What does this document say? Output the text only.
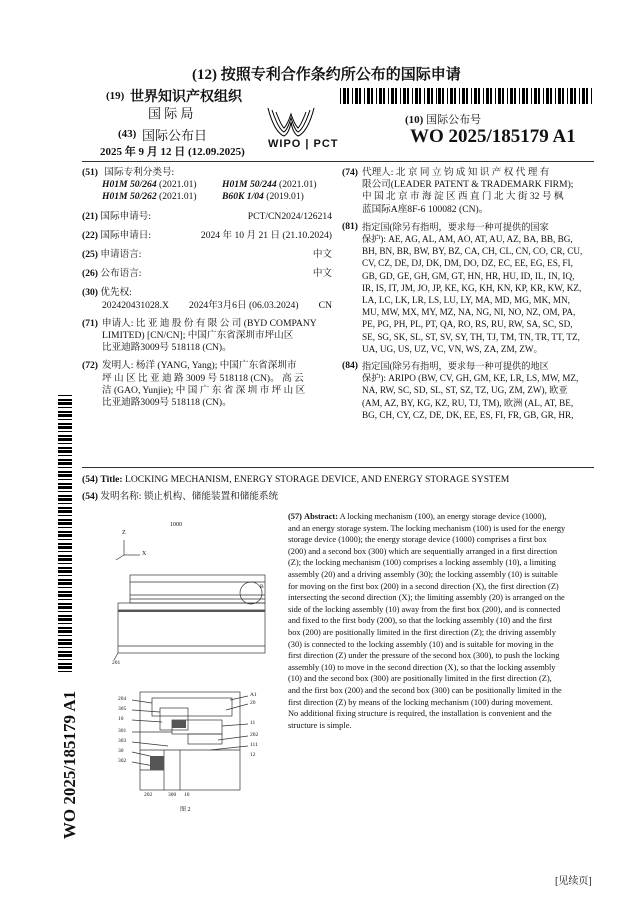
(12) 按照专利合作条约所公布的国际申请
(19) 世界知识产权组织
国 际 局
(43) 国际公布日
2025 年 9 月 12 日 (12.09.2025)
WIPO | PCT
(10) 国际公布号
WO 2025/185179 A1
(51) 国际专利分类号:
H01M 50/264 (2021.01)	H01M 50/244 (2021.01)
H01M 50/262 (2021.01)	B60K 1/04 (2019.01)
(21) 国际申请号:	PCT/CN2024/126214
(22) 国际申请日:	2024 年 10 月 21 日 (21.10.2024)
(25) 申请语言:	中文
(26) 公布语言:	中文
(30) 优先权:
202420431028.X 2024年3月6日 (06.03.2024) CN
(71) 申请人: 比 亚 迪 股 份 有 限 公 司 (BYD COMPANY
LIMITED) [CN/CN]; 中国广东省深圳市坪山区
比亚迪路3009号 518118 (CN)。
(72) 发明人: 杨洋 (YANG, Yang); 中国广东省深圳市
坪 山 区 比 亚 迪 路 3009 号 518118 (CN)。 高 云
洁 (GAO, Yunjie); 中 国 广 东 省 深 圳 市 坪 山 区
比亚迪路3009号 518118 (CN)。
(74) 代理人: 北 京 同 立 钧 成 知 识 产 权 代 理 有
限公司(LEADER PATENT & TRADEMARK FIRM);
中 国 北 京 市 海 淀 区 西 直 门 北 大 街 32 号 枫
蓝国际A座8F-6 100082 (CN)。
(81) 指定国(除另有指明，要求每一种可提供的国家
保护): AE, AG, AL, AM, AO, AT, AU, AZ, BA, BB, BG,
BH, BN, BR, BW, BY, BZ, CA, CH, CL, CN, CO, CR, CU,
CV, CZ, DE, DJ, DK, DM, DO, DZ, EC, EE, EG, ES, FI,
GB, GD, GE, GH, GM, GT, HN, HR, HU, ID, IL, IN, IQ,
IR, IS, IT, JM, JO, JP, KE, KG, KH, KN, KP, KR, KW, KZ,
LA, LC, LK, LR, LS, LU, LY, MA, MD, MG, MK, MN,
MU, MW, MX, MY, MZ, NA, NG, NI, NO, NZ, OM, PA,
PE, PG, PH, PL, PT, QA, RO, RS, RU, RW, SA, SC, SD,
SE, SG, SK, SL, ST, SV, SY, TH, TJ, TM, TN, TR, TT, TZ,
UA, UG, US, UZ, VC, VN, WS, ZA, ZM, ZW。
(84) 指定国(除另有指明，要求每一种可提供的地区
保护): ARIPO (BW, CV, GH, GM, KE, LR, LS, MW, MZ,
NA, RW, SC, SD, SL, ST, SZ, TZ, UG, ZM, ZW), 欧亚
(AM, AZ, BY, KG, KZ, RU, TJ, TM), 欧洲 (AL, AT, BE,
BG, CH, CY, CZ, DE, DK, EE, ES, FI, FR, GB, GR, HR,
(54) Title: LOCKING MECHANISM, ENERGY STORAGE DEVICE, AND ENERGY STORAGE SYSTEM
(54) 发明名称: 锁止机构、储能装置和储能系统
1000
Z
X
201
204
305
10
301
303
30
302
B
A1
20
11
202
111
12
202	300 10
图 2
(57) Abstract: A locking mechanism (100), an energy storage device (1000),
and an energy storage system. The locking mechanism (100) is used for the energy
storage device (1000); the energy storage device (1000) comprises a first box
(200) and a second box (300) which are sequentially arranged in a first direction
(Z); the locking mechanism (100) comprises a locking assembly (10), a limiting
assembly (20) and a driving assembly (30); the locking assembly (10) is suitable
for moving on the first box (200) in a second direction (X), the first direction (Z)
intersecting the second direction (X); the limiting assembly (20) is arranged on the
side of the locking assembly (10) away from the first box (200), and is connected
and fixed to the first body (200), so that the locking assembly (10) and the first
box (200) are positionally limited in the first direction (Z); the driving assembly
(30) is connected to the locking assembly (10) and is suitable for moving in the
first direction (Z) under the pressure of the second box (300), to push the locking
assembly (10) to move in the second direction (X), so that the locking assembly
(10) and the second box (300) are positionally limited in the first direction (Z),
and the first box (200) and the second box (300) can be positionally limited in the
first direction (Z) by means of the locking mechanism (100) during movement.
No additional fixing structure is required, the installation is convenient and the
structure is simple.
WO 2025/185179 A1
[见续页]
